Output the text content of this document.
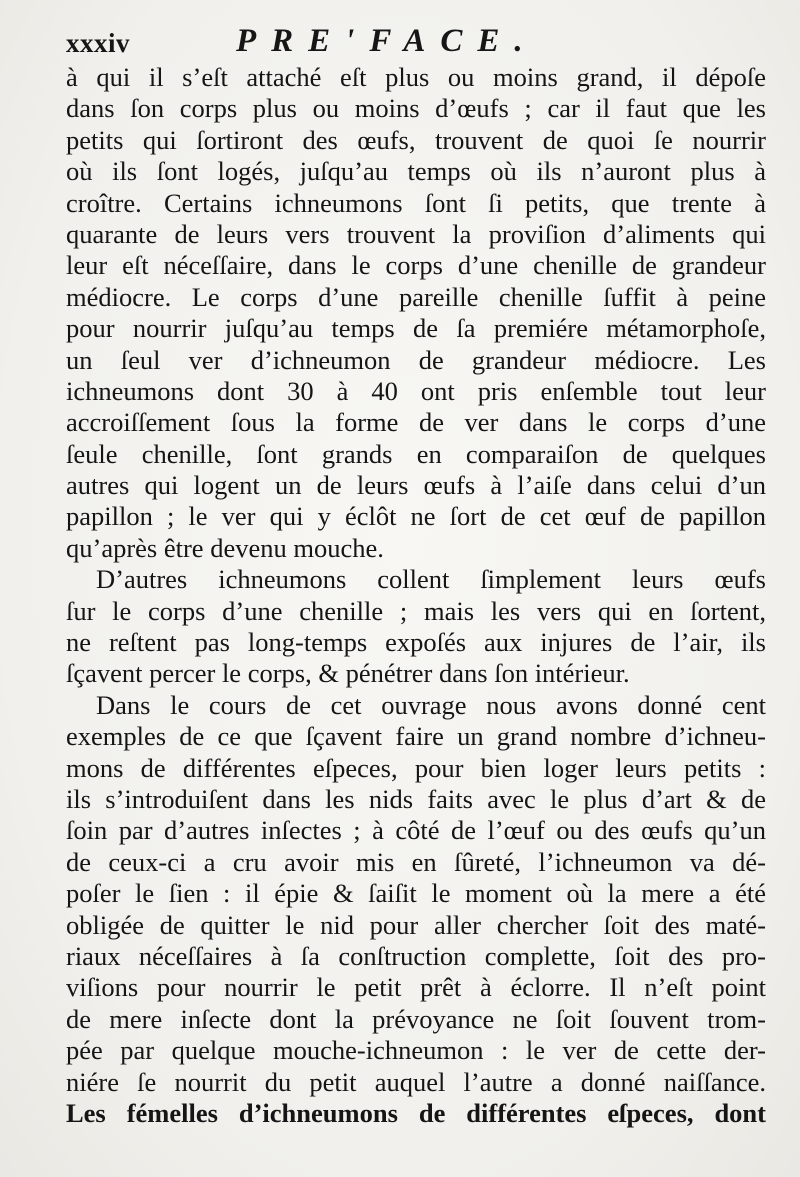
xxxiv	PRE'FACE.
à qui il s’eſt attaché eſt plus ou moins grand, il dépoſe
dans ſon corps plus ou moins d’œufs ; car il faut que les
petits qui ſortiront des œufs, trouvent de quoi ſe nourrir
où ils ſont logés, juſqu’au temps où ils n’auront plus à
croître. Certains ichneumons ſont ſi petits, que trente à
quarante de leurs vers trouvent la proviſion d’aliments qui
leur eſt néceſſaire, dans le corps d’une chenille de grandeur
médiocre. Le corps d’une pareille chenille ſuffit à peine
pour nourrir juſqu’au temps de ſa premiére métamorphoſe,
un ſeul ver d’ichneumon de grandeur médiocre. Les
ichneumons dont 30 à 40 ont pris enſemble tout leur
accroiſſement ſous la forme de ver dans le corps d’une
ſeule chenille, ſont grands en comparaiſon de quelques
autres qui logent un de leurs œufs à l’aiſe dans celui d’un
papillon ; le ver qui y éclôt ne ſort de cet œuf de papillon
qu’après être devenu mouche.
D’autres ichneumons collent ſimplement leurs œufs
ſur le corps d’une chenille ; mais les vers qui en ſortent,
ne reſtent pas long-temps expoſés aux injures de l’air, ils
ſçavent percer le corps, & pénétrer dans ſon intérieur.
Dans le cours de cet ouvrage nous avons donné cent
exemples de ce que ſçavent faire un grand nombre d’ichneu-
mons de différentes eſpeces, pour bien loger leurs petits :
ils s’introduiſent dans les nids faits avec le plus d’art & de
ſoin par d’autres inſectes ; à côté de l’œuf ou des œufs qu’un
de ceux-ci a cru avoir mis en ſûreté, l’ichneumon va dé-
poſer le ſien : il épie & ſaiſit le moment où la mere a été
obligée de quitter le nid pour aller chercher ſoit des maté-
riaux néceſſaires à ſa conſtruction complette, ſoit des pro-
viſions pour nourrir le petit prêt à éclorre. Il n’eſt point
de mere inſecte dont la prévoyance ne ſoit ſouvent trom-
pée par quelque mouche-ichneumon : le ver de cette der-
niére ſe nourrit du petit auquel l’autre a donné naiſſance.
Les fémelles d’ichneumons de différentes eſpeces, dont
